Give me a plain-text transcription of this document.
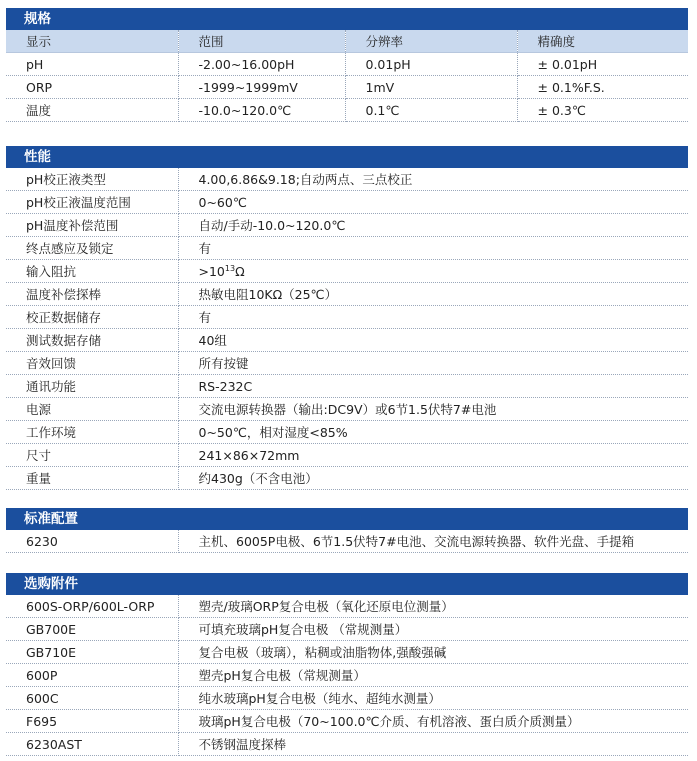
规格
显示	范围	分辨率	精确度
pH	-2.00~16.00pH	0.01pH	± 0.01pH
ORP	-1999~1999mV	1mV	± 0.1%F.S.
温度	-10.0~120.0℃	0.1℃	± 0.3℃
性能
pH校正液类型	4.00,6.86&9.18;自动两点、三点校正
pH校正液温度范围	0~60℃
pH温度补偿范围	自动/手动-10.0~120.0℃
终点感应及锁定	有
输入阻抗	$>10^{13}\Omega$
温度补偿探棒	热敏电阻10KΩ（25℃）
校正数据储存	有
测试数据存储	40组
音效回馈	所有按键
通讯功能	RS-232C
电源	交流电源转换器（输出:DC9V）或6节1.5伏特7#电池
工作环境	0~50℃，相对湿度<85%
尺寸	241×86×72mm
重量	约430g（不含电池）
标准配置
6230	主机、6005P电极、6节1.5伏特7#电池、交流电源转换器、软件光盘、手提箱
选购附件
600S-ORP/600L-ORP	塑壳/玻璃ORP复合电极（氧化还原电位测量）
GB700E	可填充玻璃pH复合电极 （常规测量）
GB710E	复合电极（玻璃），粘稠或油脂物体,强酸强碱
600P	塑壳pH复合电极（常规测量）
600C	纯水玻璃pH复合电极（纯水、超纯水测量）
F695	玻璃pH复合电极（70~100.0℃介质、有机溶液、蛋白质介质测量）
6230AST	不锈钢温度探棒
